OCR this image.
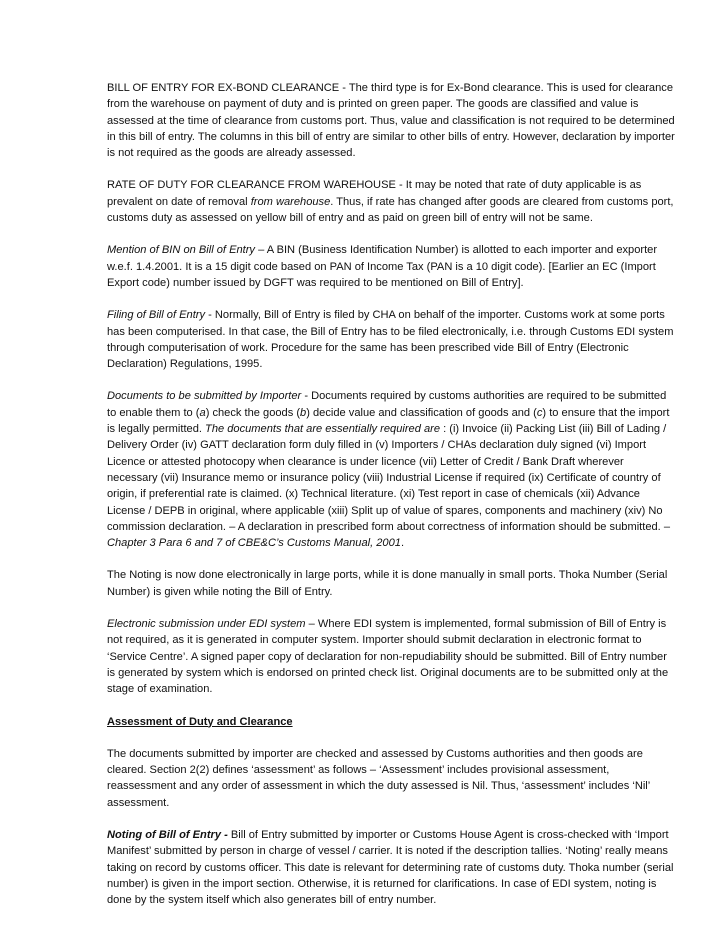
BILL OF ENTRY FOR EX-BOND CLEARANCE - The third type is for Ex-Bond clearance. This is used for clearance from the warehouse on payment of duty and is printed on green paper. The goods are classified and value is assessed at the time of clearance from customs port. Thus, value and classification is not required to be determined in this bill of entry. The columns in this bill of entry are similar to other bills of entry. However, declaration by importer is not required as the goods are already assessed.

RATE OF DUTY FOR CLEARANCE FROM WAREHOUSE - It may be noted that rate of duty applicable is as prevalent on date of removal from warehouse. Thus, if rate has changed after goods are cleared from customs port, customs duty as assessed on yellow bill of entry and as paid on green bill of entry will not be same.

Mention of BIN on Bill of Entry – A BIN (Business Identification Number) is allotted to each importer and exporter w.e.f. 1.4.2001. It is a 15 digit code based on PAN of Income Tax (PAN is a 10 digit code). [Earlier an EC (Import Export code) number issued by DGFT was required to be mentioned on Bill of Entry].

Filing of Bill of Entry - Normally, Bill of Entry is filed by CHA on behalf of the importer. Customs work at some ports has been computerised. In that case, the Bill of Entry has to be filed electronically, i.e. through Customs EDI system through computerisation of work. Procedure for the same has been prescribed vide Bill of Entry (Electronic Declaration) Regulations, 1995.

Documents to be submitted by Importer - Documents required by customs authorities are required to be submitted to enable them to (a) check the goods (b) decide value and classification of goods and (c) to ensure that the import is legally permitted. The documents that are essentially required are : (i) Invoice (ii) Packing List (iii) Bill of Lading / Delivery Order (iv) GATT declaration form duly filled in (v) Importers / CHAs declaration duly signed (vi) Import Licence or attested photocopy when clearance is under licence (vii) Letter of Credit / Bank Draft wherever necessary (vii) Insurance memo or insurance policy (viii) Industrial License if required (ix) Certificate of country of origin, if preferential rate is claimed. (x) Technical literature. (xi) Test report in case of chemicals (xii) Advance License / DEPB in original, where applicable (xiii) Split up of value of spares, components and machinery (xiv) No commission declaration. – A declaration in prescribed form about correctness of information should be submitted. – Chapter 3 Para 6 and 7 of CBE&C’s Customs Manual, 2001.

The Noting is now done electronically in large ports, while it is done manually in small ports. Thoka Number (Serial Number) is given while noting the Bill of Entry.

Electronic submission under EDI system – Where EDI system is implemented, formal submission of Bill of Entry is not required, as it is generated in computer system. Importer should submit declaration in electronic format to ‘Service Centre’. A signed paper copy of declaration for non-repudiability should be submitted. Bill of Entry number is generated by system which is endorsed on printed check list. Original documents are to be submitted only at the stage of examination.

Assessment of Duty and Clearance

The documents submitted by importer are checked and assessed by Customs authorities and then goods are cleared. Section 2(2) defines ‘assessment’ as follows – ‘Assessment’ includes provisional assessment, reassessment and any order of assessment in which the duty assessed is Nil. Thus, ‘assessment’ includes ‘Nil’ assessment.

Noting of Bill of Entry - Bill of Entry submitted by importer or Customs House Agent is cross-checked with ‘Import Manifest’ submitted by person in charge of vessel / carrier. It is noted if the description tallies. ‘Noting’ really means taking on record by customs officer. This date is relevant for determining rate of customs duty. Thoka number (serial number) is given in the import section. Otherwise, it is returned for clarifications. In case of EDI system, noting is done by the system itself which also generates bill of entry number.
